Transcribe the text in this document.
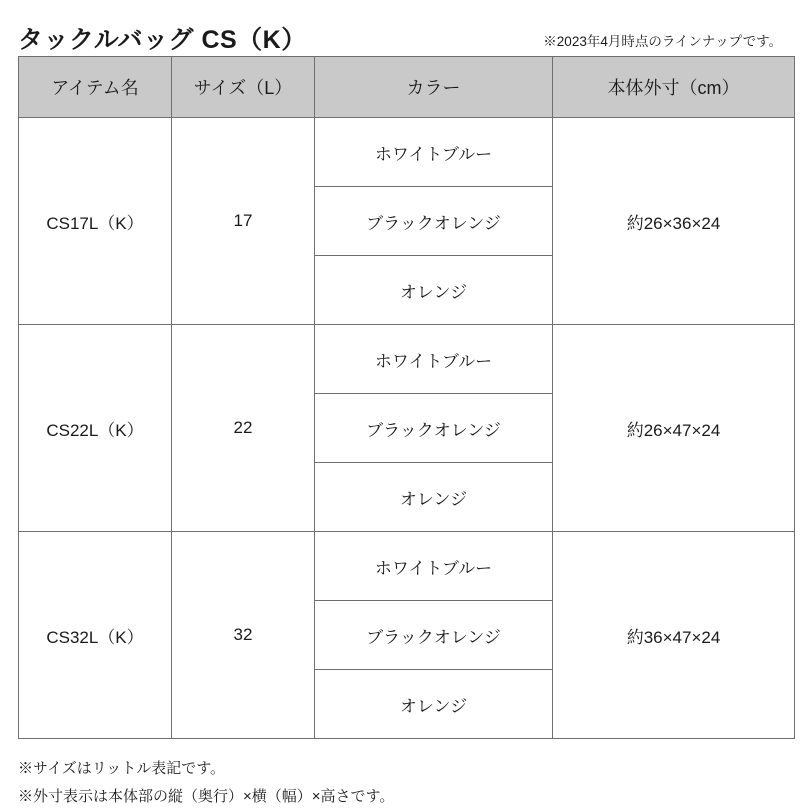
タックルバッグ CS（K）	※2023年4月時点のラインナップです。
アイテム名	サイズ（L）	カラー	本体外寸（cm）
CS17L（K）	17	ホワイトブルー	約26×36×24
		ブラックオレンジ	
		オレンジ	
CS22L（K）	22	ホワイトブルー	約26×47×24
		ブラックオレンジ	
		オレンジ	
CS32L（K）	32	ホワイトブルー	約36×47×24
		ブラックオレンジ	
		オレンジ	
※サイズはリットル表記です。
※外寸表示は本体部の縦（奥行）×横（幅）×高さです。
